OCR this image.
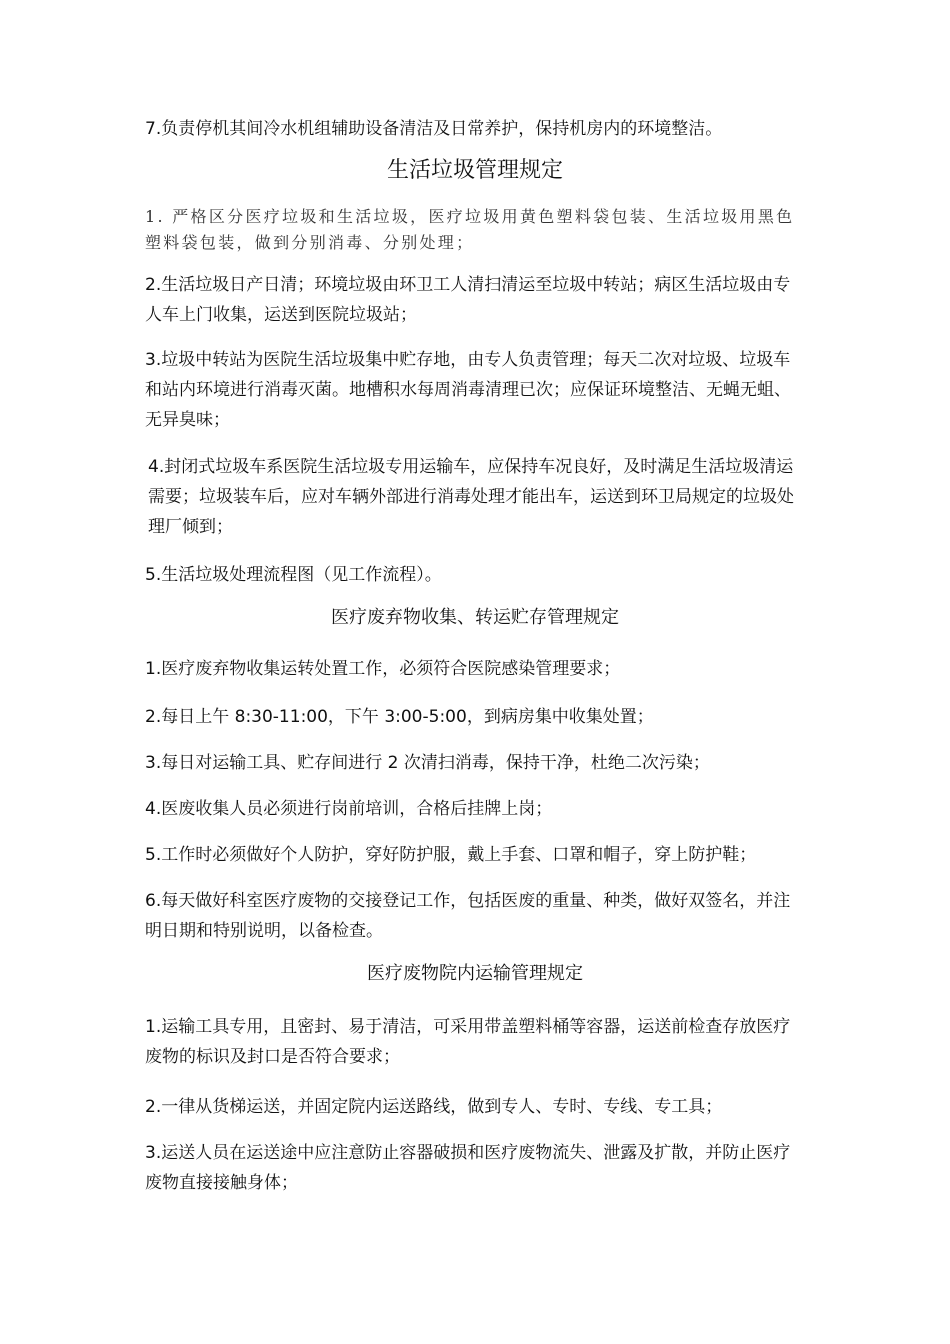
7.负责停机其间冷水机组辅助设备清洁及日常养护，保持机房内的环境整洁。

生活垃圾管理规定

1. 严格区分医疗垃圾和生活垃圾，医疗垃圾用黄色塑料袋包装、生活垃圾用黑色塑料袋包装，做到分别消毒、分别处理；

2.生活垃圾日产日清；环境垃圾由环卫工人清扫清运至垃圾中转站；病区生活垃圾由专人车上门收集，运送到医院垃圾站；

3.垃圾中转站为医院生活垃圾集中贮存地，由专人负责管理；每天二次对垃圾、垃圾车和站内环境进行消毒灭菌。地槽积水每周消毒清理已次；应保证环境整洁、无蝇无蛆、无异臭味；

4.封闭式垃圾车系医院生活垃圾专用运输车，应保持车况良好，及时满足生活垃圾清运需要；垃圾装车后，应对车辆外部进行消毒处理才能出车，运送到环卫局规定的垃圾处理厂倾到；

5.生活垃圾处理流程图（见工作流程）。

医疗废弃物收集、转运贮存管理规定

1.医疗废弃物收集运转处置工作，必须符合医院感染管理要求；

2.每日上午 8:30-11:00，下午 3:00-5:00，到病房集中收集处置；

3.每日对运输工具、贮存间进行 2 次清扫消毒，保持干净，杜绝二次污染；

4.医废收集人员必须进行岗前培训，合格后挂牌上岗；

5.工作时必须做好个人防护，穿好防护服，戴上手套、口罩和帽子，穿上防护鞋；

6.每天做好科室医疗废物的交接登记工作，包括医废的重量、种类，做好双签名，并注明日期和特别说明，以备检查。

医疗废物院内运输管理规定

1.运输工具专用，且密封、易于清洁，可采用带盖塑料桶等容器，运送前检查存放医疗废物的标识及封口是否符合要求；

2.一律从货梯运送，并固定院内运送路线，做到专人、专时、专线、专工具；

3.运送人员在运送途中应注意防止容器破损和医疗废物流失、泄露及扩散，并防止医疗废物直接接触身体；
